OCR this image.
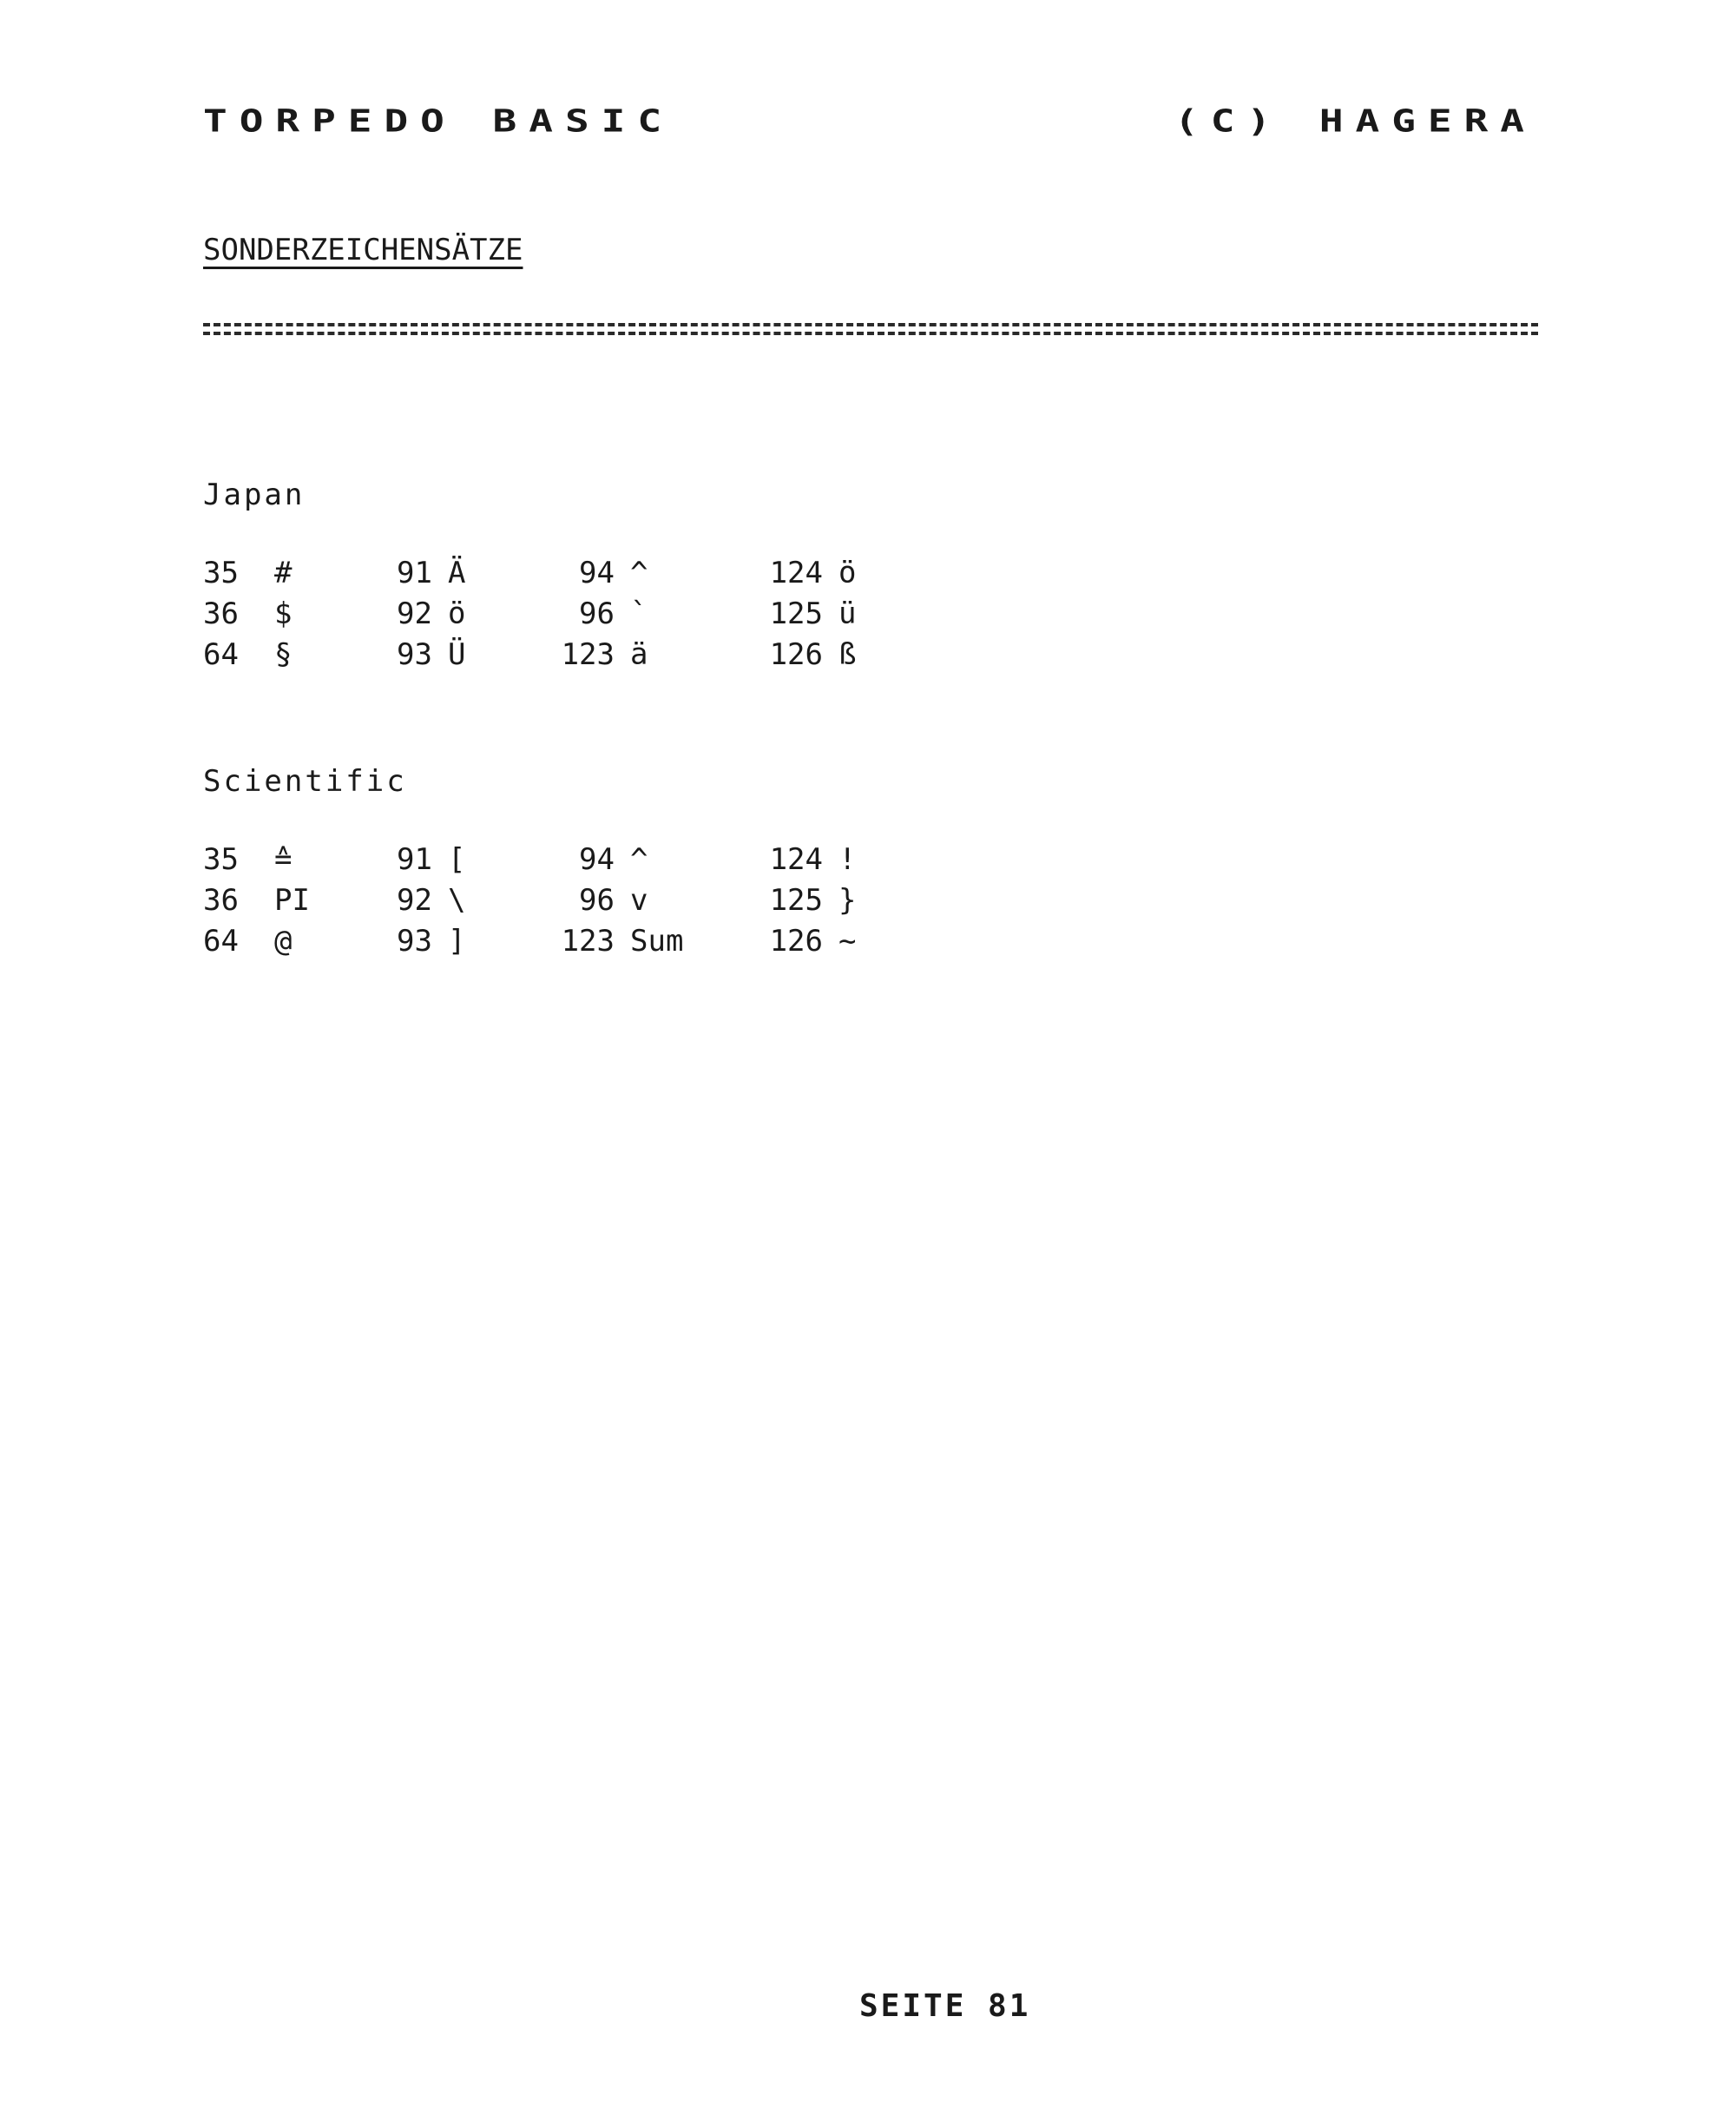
TORPEDO BASIC	(C) HAGERA
SONDERZEICHENSÄTZE
Japan
35 #	91 Ä	94 ^	124 ö
36 $	92 ö	96 `	125 ü
64 §	93 Ü	123 ä	126 ß
Scientific
35 ≙	91 [	94 ^	124 !
36 PI	92 \	96 v	125 }
64 @	93 ]	123 Sum	126 ~
SEITE 81
